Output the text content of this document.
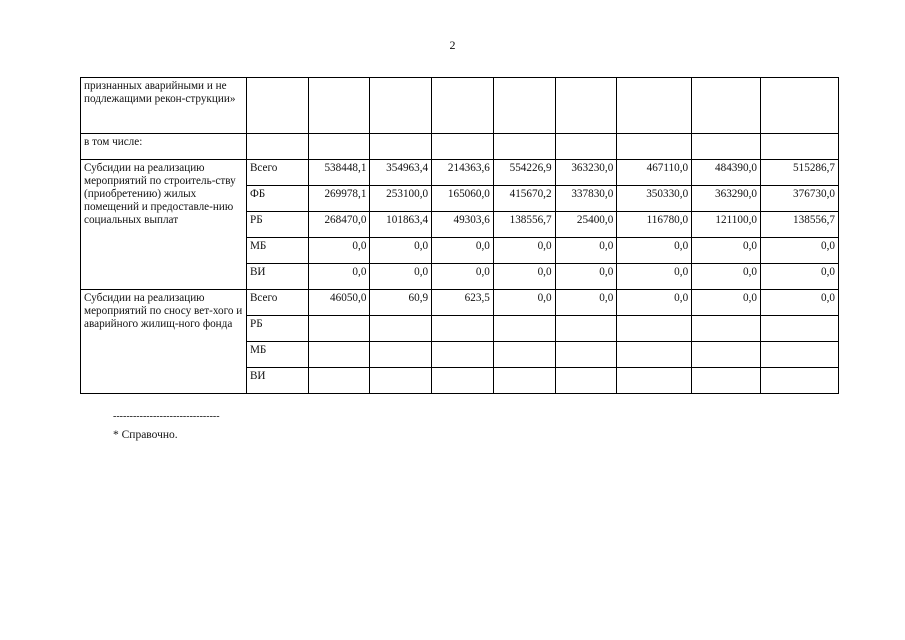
2
признанных аварийными и не подлежащими рекон-струкции»									
в том числе:									
Субсидии на реализацию мероприятий по строитель-ству (приобретению) жилых помещений и предоставле-нию социальных выплат	Всего	538448,1	354963,4	214363,6	554226,9	363230,0	467110,0	484390,0	515286,7
	ФБ	269978,1	253100,0	165060,0	415670,2	337830,0	350330,0	363290,0	376730,0
	РБ	268470,0	101863,4	49303,6	138556,7	25400,0	116780,0	121100,0	138556,7
	МБ	0,0	0,0	0,0	0,0	0,0	0,0	0,0	0,0
	ВИ	0,0	0,0	0,0	0,0	0,0	0,0	0,0	0,0
Субсидии на реализацию мероприятий по сносу вет-хого и аварийного жилищ-ного фонда	Всего	46050,0	60,9	623,5	0,0	0,0	0,0	0,0	0,0
	РБ								
	МБ								
	ВИ								
--------------------------------
* Справочно.
